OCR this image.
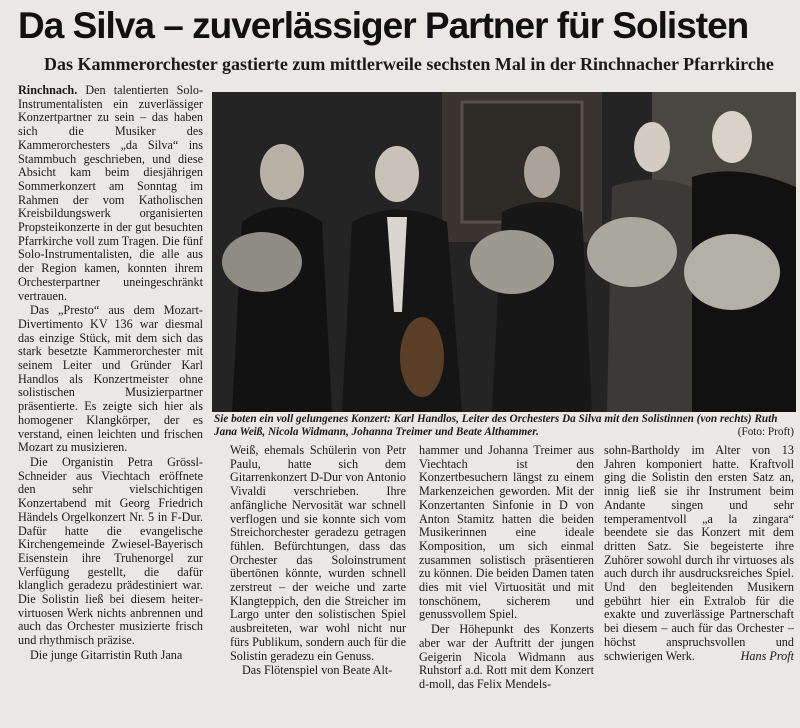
Da Silva – zuverlässiger Partner für Solisten
Das Kammerorchester gastierte zum mittlerweile sechsten Mal in der Rinchnacher Pfarrkirche

Rinchnach. Den talentierten Solo-Instrumentalisten ein zuverlässiger Konzertpartner zu sein – das haben sich die Musiker des Kammerorchesters „da Silva“ ins Stammbuch geschrieben, und diese Absicht kam beim diesjährigen Sommerkonzert am Sonntag im Rahmen der vom Katholischen Kreisbildungswerk organisierten Propsteikonzerte in der gut besuchten Pfarrkirche voll zum Tragen. Die fünf Solo-Instrumentalisten, die alle aus der Region kamen, konnten ihrem Orchesterpartner uneingeschränkt vertrauen.

Das „Presto“ aus dem Mozart-Divertimento KV 136 war diesmal das einzige Stück, mit dem sich das stark besetzte Kammerorchester mit seinem Leiter und Gründer Karl Handlos als Konzertmeister ohne solistischen Musizierpartner präsentierte. Es zeigte sich hier als homogener Klangkörper, der es verstand, einen leichten und frischen Mozart zu musizieren.

Die Organistin Petra Grössl-Schneider aus Viechtach eröffnete den sehr vielschichtigen Konzertabend mit Georg Friedrich Händels Orgelkonzert Nr. 5 in F-Dur. Dafür hatte die evangelische Kirchengemeinde Zwiesel-Bayerisch Eisenstein ihre Truhenorgel zur Verfügung gestellt, die dafür klanglich geradezu prädestiniert war. Die Solistin ließ bei diesem heiter-virtuosen Werk nichts anbrennen und auch das Orchester musizierte frisch und rhythmisch präzise.

Die junge Gitarristin Ruth Jana

Sie boten ein voll gelungenes Konzert: Karl Handlos, Leiter des Orchesters Da Silva mit den Solistinnen (von rechts) Ruth Jana Weiß, Nicola Widmann, Johanna Treimer und Beate Althammer.	(Foto: Proft)

Weiß, ehemals Schülerin von Petr Paulu, hatte sich dem Gitarrenkonzert D-Dur von Antonio Vivaldi verschrieben. Ihre anfängliche Nervosität war schnell verflogen und sie konnte sich vom Streichorchester geradezu getragen fühlen. Befürchtungen, dass das Orchester das Soloinstrument übertönen könnte, wurden schnell zerstreut – der weiche und zarte Klangteppich, den die Streicher im Largo unter den solistischen Spiel ausbreiteten, war wohl nicht nur fürs Publikum, sondern auch für die Solistin geradezu ein Genuss.

Das Flötenspiel von Beate Alt-

hammer und Johanna Treimer aus Viechtach ist den Konzertbesuchern längst zu einem Markenzeichen geworden. Mit der Konzertanten Sinfonie in D von Anton Stamitz hatten die beiden Musikerinnen eine ideale Komposition, um sich einmal zusammen solistisch präsentieren zu können. Die beiden Damen taten dies mit viel Virtuosität und mit tonschönem, sicherem und genussvollem Spiel.

Der Höhepunkt des Konzerts aber war der Auftritt der jungen Geigerin Nicola Widmann aus Ruhstorf a.d. Rott mit dem Konzert d-moll, das Felix Mendels-

sohn-Bartholdy im Alter von 13 Jahren komponiert hatte. Kraftvoll ging die Solistin den ersten Satz an, innig ließ sie ihr Instrument beim Andante singen und sehr temperamentvoll „a la zingara“ beendete sie das Konzert mit dem dritten Satz. Sie begeisterte ihre Zuhörer sowohl durch ihr virtuoses als auch durch ihr ausdrucksreiches Spiel. Und den begleitenden Musikern gebührt hier ein Extralob für die exakte und zuverlässige Partnerschaft bei diesem – auch für das Orchester – höchst anspruchsvollen und schwierigen Werk.	Hans Proft
